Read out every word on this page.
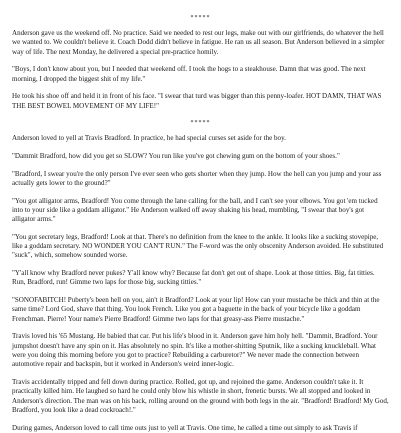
*****

Anderson gave us the weekend off. No practice. Said we needed to rest our legs, make out with our girlfriends, do whatever the hell we wanted to. We couldn't believe it. Coach Dodd didn't believe in fatigue. He ran us all season. But Anderson believed in a simpler way of life. The next Monday, he delivered a special pre-practice homily.

"Boys, I don't know about you, but I needed that weekend off. I took the hogs to a steakhouse. Damn that was good. The next morning, I dropped the biggest shit of my life."

He took his shoe off and held it in front of his face. "I swear that turd was bigger than this penny-loafer. HOT DAMN, THAT WAS THE BEST BOWEL MOVEMENT OF MY LIFE!"

*****

Anderson loved to yell at Travis Bradford. In practice, he had special curses set aside for the boy.

"Dammit Bradford, how did you get so SLOW? You run like you've got chewing gum on the bottom of your shoes."

"Bradford, I swear you're the only person I've ever seen who gets shorter when they jump. How the hell can you jump and your ass actually gets lower to the ground?"

"You got alligator arms, Bradford! You come through the lane calling for the ball, and I can't see your elbows. You got 'em tucked into to your side like a goddam alligator." He Anderson walked off away shaking his head, mumbling, "I swear that boy's got alligator arms."

"You got secretary legs, Bradford! Look at that. There's no definition from the knee to the ankle. It looks like a sucking stovepipe, like a goddam secretary. NO WONDER YOU CAN'T RUN." The F-word was the only obscenity Anderson avoided. He substituted "suck", which, somehow sounded worse.

"Y'all know why Bradford never pukes? Y'all know why? Because fat don't get out of shape. Look at those titties. Big, fat titties. Run, Bradford, run! Gimme two laps for those big, sucking titties."

"SONOFABITCH! Puberty's been hell on you, ain't it Bradford? Look at your lip! How can your mustache be thick and thin at the same time? Lord God, shave that thing. You look French. Like you got a baguette in the back of your bicycle like a goddam Frenchman. Pierre! Your name's Pierre Bradford! Gimme two laps for that greasy-ass Pierre mustache."

Travis loved his '65 Mustang. He babied that car. Put his life's blood in it. Anderson gave him holy hell. "Dammit, Bradford. Your jumpshot doesn't have any spin on it. Has absolutely no spin. It's like a mother-shitting Sputnik, like a sucking knuckleball. What were you doing this morning before you got to practice? Rebuilding a carburetor?" We never made the connection between automotive repair and backspin, but it worked in Anderson's weird inner-logic.

Travis accidentally tripped and fell down during practice. Rolled, got up, and rejoined the game. Anderson couldn't take it. It practically killed him. He laughed so hard he could only blow his whistle in short, frenetic bursts. We all stopped and looked in Anderson's direction. The man was on his back, rolling around on the ground with both legs in the air. "Bradford! Bradford! My God, Bradford, you look like a dead cockroach!."

During games, Anderson loved to call time outs just to yell at Travis. One time, he called a time out simply to ask Travis if
